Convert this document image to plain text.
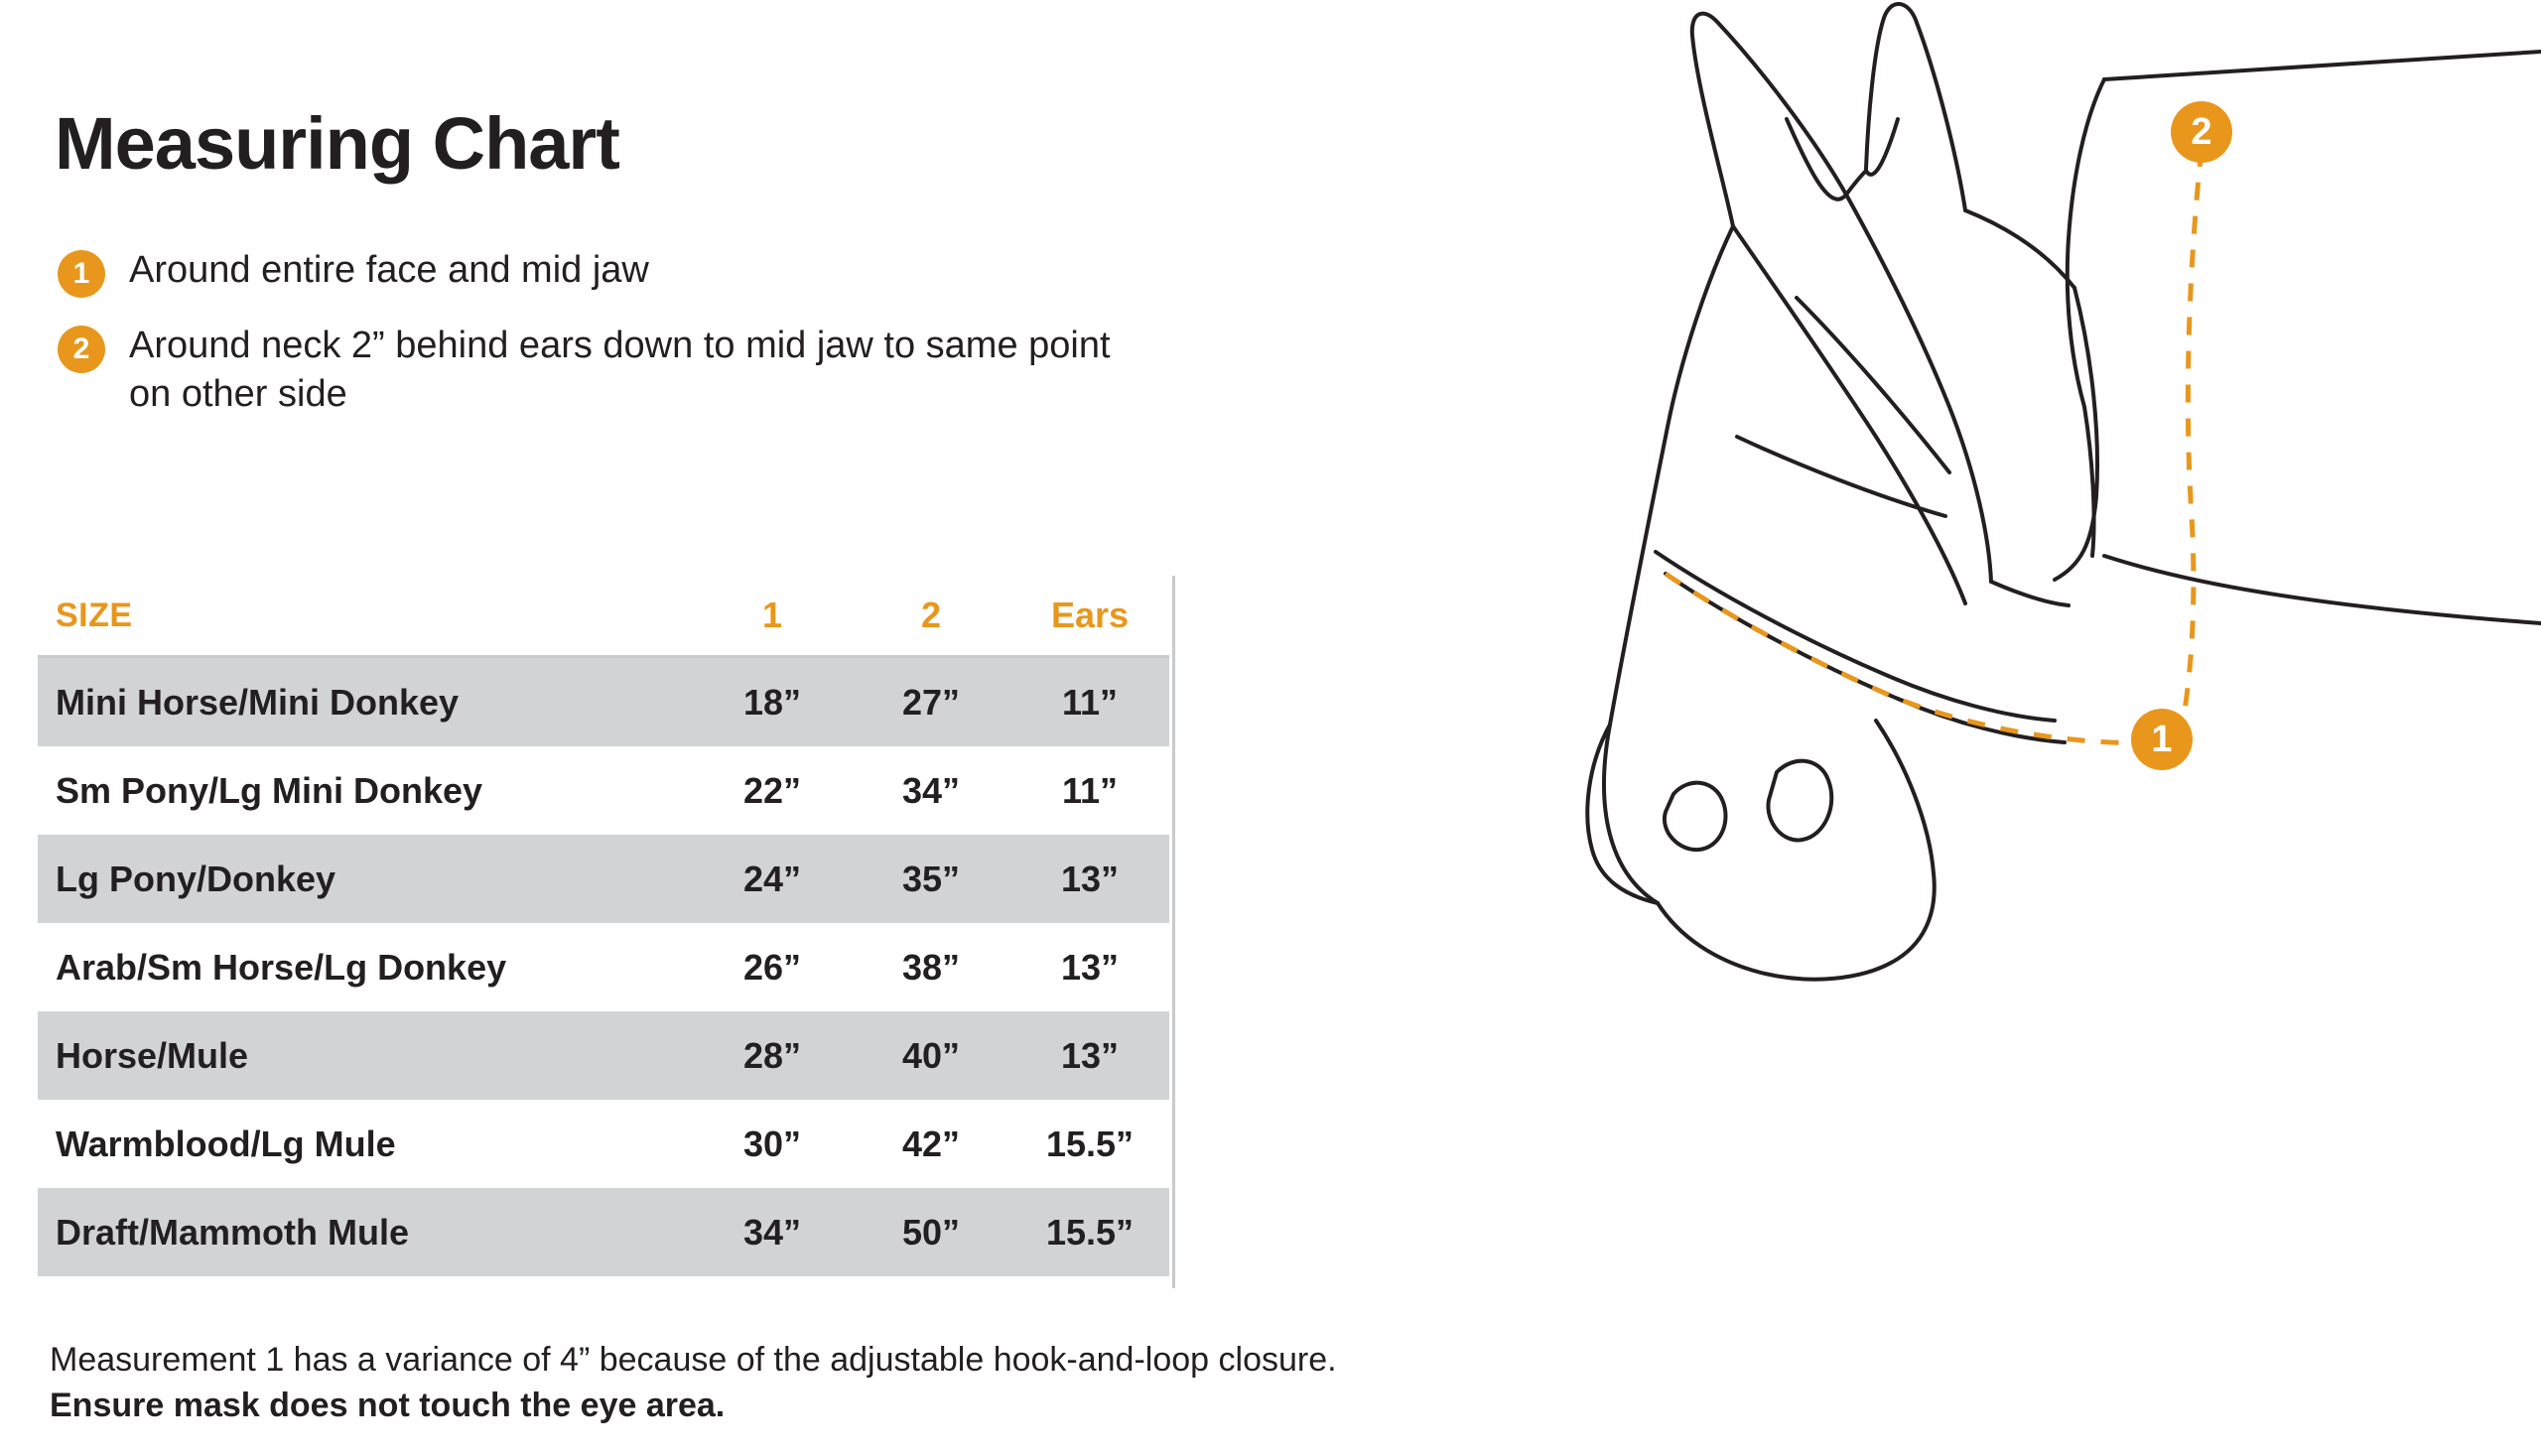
Measuring Chart
1	Around entire face and mid jaw
2	Around neck 2” behind ears down to mid jaw to same point on other side
SIZE	1	2	Ears
Mini Horse/Mini Donkey	18”	27”	11”
Sm Pony/Lg Mini Donkey	22”	34”	11”
Lg Pony/Donkey	24”	35”	13”
Arab/Sm Horse/Lg Donkey	26”	38”	13”
Horse/Mule	28”	40”	13”
Warmblood/Lg Mule	30”	42”	15.5”
Draft/Mammoth Mule	34”	50”	15.5”
Measurement 1 has a variance of 4” because of the adjustable hook-and-loop closure. Ensure mask does not touch the eye area.
2
1
